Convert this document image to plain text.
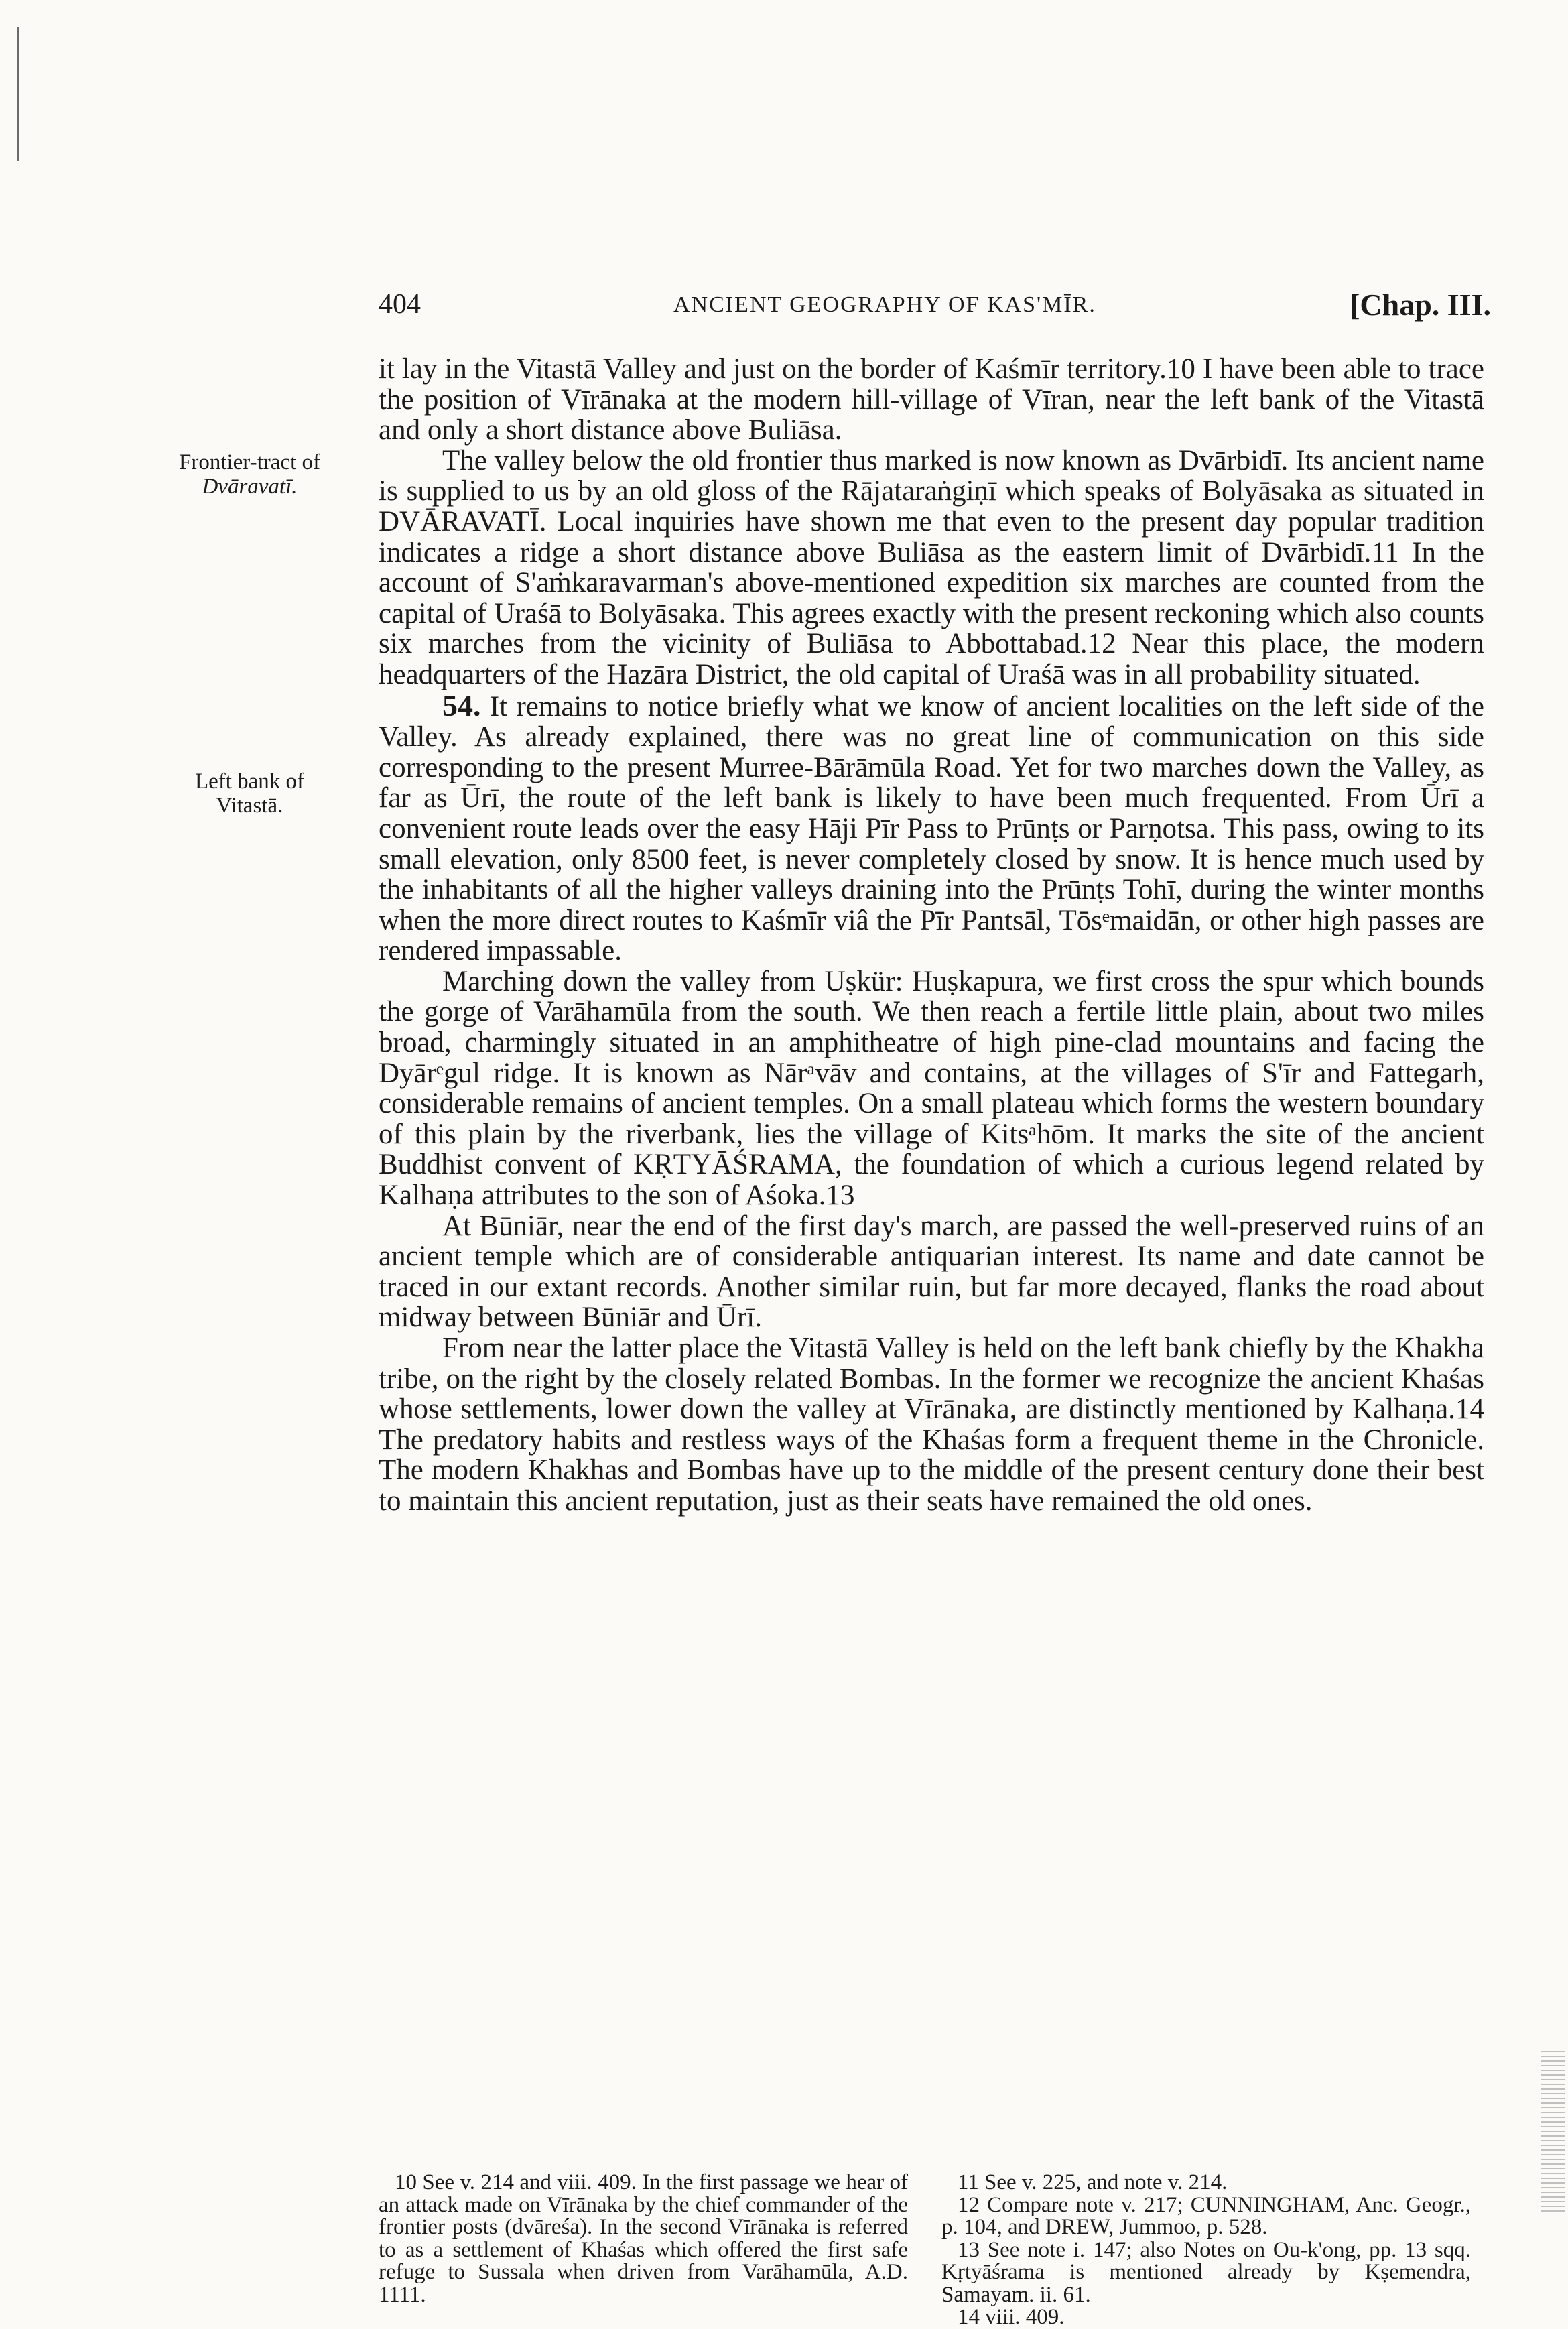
404	ANCIENT GEOGRAPHY OF KAS'MĪR.	[Chap. III.
Frontier-tract of
Dvāravatī.
Left bank of
Vitastā.

it lay in the Vitastā Valley and just on the border of Kaśmīr territory.10 I have been able to trace the position of Vīrānaka at the modern hill-village of Vīran, near the left bank of the Vitastā and only a short distance above Buliāsa.

The valley below the old frontier thus marked is now known as Dvārbidī. Its ancient name is supplied to us by an old gloss of the Rājataraṅgiṇī which speaks of Bolyāsaka as situated in DVĀRAVATĪ. Local inquiries have shown me that even to the present day popular tradition indicates a ridge a short distance above Buliāsa as the eastern limit of Dvārbidī.11 In the account of S'aṁkaravarman's above-mentioned expedition six marches are counted from the capital of Uraśā to Bolyāsaka. This agrees exactly with the present reckoning which also counts six marches from the vicinity of Buliāsa to Abbottabad.12 Near this place, the modern headquarters of the Hazāra District, the old capital of Uraśā was in all probability situated.

54. It remains to notice briefly what we know of ancient localities on the left side of the Valley. As already explained, there was no great line of communication on this side corresponding to the present Murree-Bārāmūla Road. Yet for two marches down the Valley, as far as Ūrī, the route of the left bank is likely to have been much frequented. From Ūrī a convenient route leads over the easy Hāji Pīr Pass to Prūnṭs or Parṇotsa. This pass, owing to its small elevation, only 8500 feet, is never completely closed by snow. It is hence much used by the inhabitants of all the higher valleys draining into the Prūnṭs Tohī, during the winter months when the more direct routes to Kaśmīr viâ the Pīr Pantsāl, Tōsᵉmaidān, or other high passes are rendered impassable.

Marching down the valley from Uṣkür: Huṣkapura, we first cross the spur which bounds the gorge of Varāhamūla from the south. We then reach a fertile little plain, about two miles broad, charmingly situated in an amphitheatre of high pine-clad mountains and facing the Dyārᵉgul ridge. It is known as Nārᵃvāv and contains, at the villages of S'īr and Fattegarh, considerable remains of ancient temples. On a small plateau which forms the western boundary of this plain by the riverbank, lies the village of Kitsᵃhōm. It marks the site of the ancient Buddhist convent of KṚTYĀŚRAMA, the foundation of which a curious legend related by Kalhaṇa attributes to the son of Aśoka.13

At Būniār, near the end of the first day's march, are passed the well-preserved ruins of an ancient temple which are of considerable antiquarian interest. Its name and date cannot be traced in our extant records. Another similar ruin, but far more decayed, flanks the road about midway between Būniār and Ūrī.

From near the latter place the Vitastā Valley is held on the left bank chiefly by the Khakha tribe, on the right by the closely related Bombas. In the former we recognize the ancient Khaśas whose settlements, lower down the valley at Vīrānaka, are distinctly mentioned by Kalhaṇa.14 The predatory habits and restless ways of the Khaśas form a frequent theme in the Chronicle. The modern Khakhas and Bombas have up to the middle of the present century done their best to maintain this ancient reputation, just as their seats have remained the old ones.

10 See v. 214 and viii. 409. In the first passage we hear of an attack made on Vīrānaka by the chief commander of the frontier posts (dvāreśa). In the second Vīrānaka is referred to as a settlement of Khaśas which offered the first safe refuge to Sussala when driven from Varāhamūla, A.D. 1111.

11 See v. 225, and note v. 214.

12 Compare note v. 217; CUNNINGHAM, Anc. Geogr., p. 104, and DREW, Jummoo, p. 528.

13 See note i. 147; also Notes on Ou-k'ong, pp. 13 sqq. Kṛtyāśrama is mentioned already by Kṣemendra, Samayam. ii. 61.

14 viii. 409.
